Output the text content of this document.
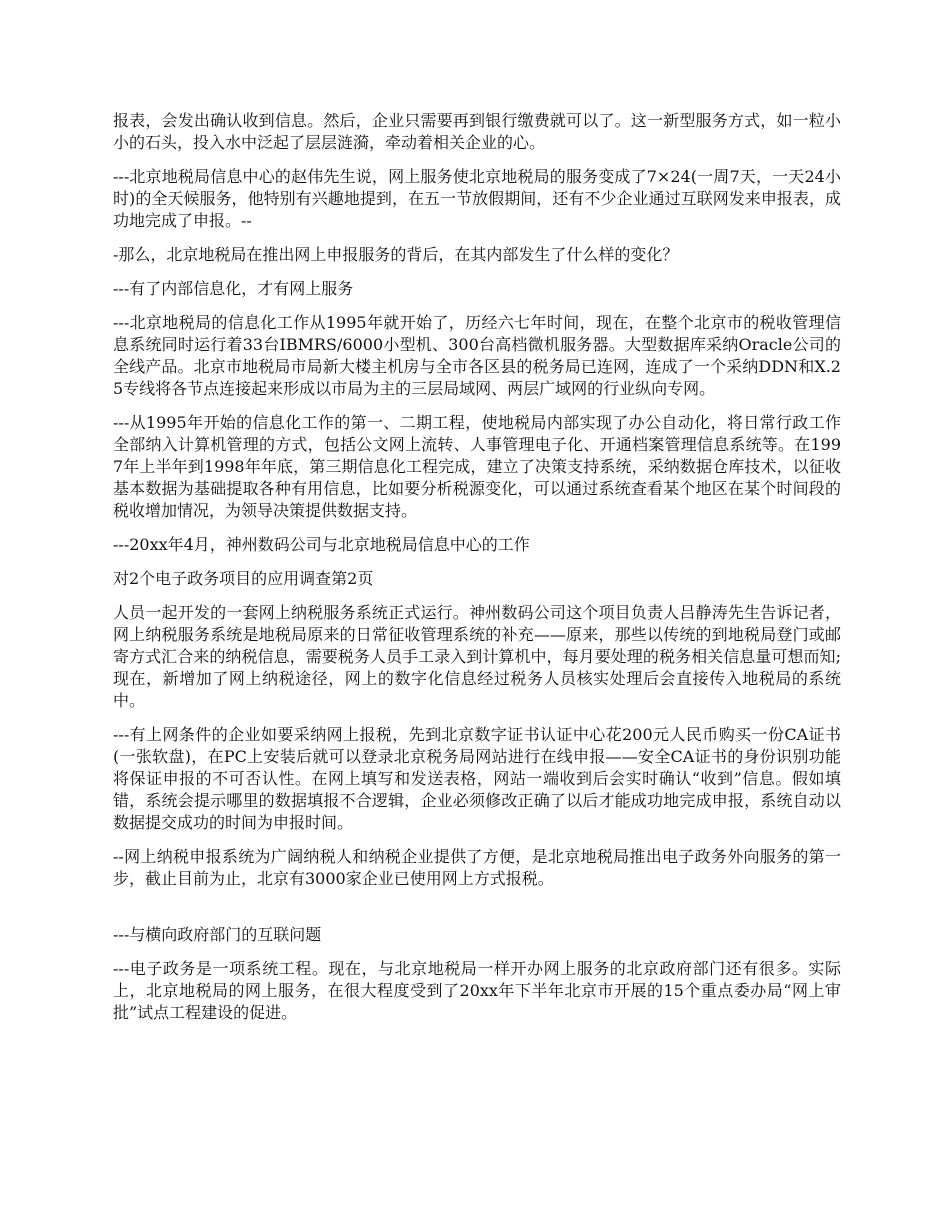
报表，会发出确认收到信息。然后，企业只需要再到银行缴费就可以了。这一新型服务方式，如一粒小小的石头，投入水中泛起了层层涟漪，牵动着相关企业的心。

---北京地税局信息中心的赵伟先生说，网上服务使北京地税局的服务变成了7×24(一周7天，一天24小时)的全天候服务，他特别有兴趣地提到，在五一节放假期间，还有不少企业通过互联网发来申报表，成功地完成了申报。--

-那么，北京地税局在推出网上申报服务的背后，在其内部发生了什么样的变化？

---有了内部信息化，才有网上服务

---北京地税局的信息化工作从1995年就开始了，历经六七年时间，现在，在整个北京市的税收管理信息系统同时运行着33台IBMRS/6000小型机、300台高档微机服务器。大型数据库采纳Oracle公司的全线产品。北京市地税局市局新大楼主机房与全市各区县的税务局已连网，连成了一个采纳DDN和X.25专线将各节点连接起来形成以市局为主的三层局域网、两层广域网的行业纵向专网。

---从1995年开始的信息化工作的第一、二期工程，使地税局内部实现了办公自动化，将日常行政工作全部纳入计算机管理的方式，包括公文网上流转、人事管理电子化、开通档案管理信息系统等。在1997年上半年到1998年年底，第三期信息化工程完成，建立了决策支持系统，采纳数据仓库技术，以征收基本数据为基础提取各种有用信息，比如要分析税源变化，可以通过系统查看某个地区在某个时间段的税收增加情况，为领导决策提供数据支持。

---20xx年4月，神州数码公司与北京地税局信息中心的工作

对2个电子政务项目的应用调查第2页

人员一起开发的一套网上纳税服务系统正式运行。神州数码公司这个项目负责人吕静涛先生告诉记者，网上纳税服务系统是地税局原来的日常征收管理系统的补充——原来，那些以传统的到地税局登门或邮寄方式汇合来的纳税信息，需要税务人员手工录入到计算机中，每月要处理的税务相关信息量可想而知;现在，新增加了网上纳税途径，网上的数字化信息经过税务人员核实处理后会直接传入地税局的系统中。

---有上网条件的企业如要采纳网上报税，先到北京数字证书认证中心花200元人民币购买一份CA证书(一张软盘)，在PC上安装后就可以登录北京税务局网站进行在线申报——安全CA证书的身份识别功能将保证申报的不可否认性。在网上填写和发送表格，网站一端收到后会实时确认“收到”信息。假如填错，系统会提示哪里的数据填报不合逻辑，企业必须修改正确了以后才能成功地完成申报，系统自动以数据提交成功的时间为申报时间。

--网上纳税申报系统为广阔纳税人和纳税企业提供了方便，是北京地税局推出电子政务外向服务的第一步，截止目前为止，北京有3000家企业已使用网上方式报税。

---与横向政府部门的互联问题

---电子政务是一项系统工程。现在，与北京地税局一样开办网上服务的北京政府部门还有很多。实际上，北京地税局的网上服务，在很大程度受到了20xx年下半年北京市开展的15个重点委办局“网上审批”试点工程建设的促进。
